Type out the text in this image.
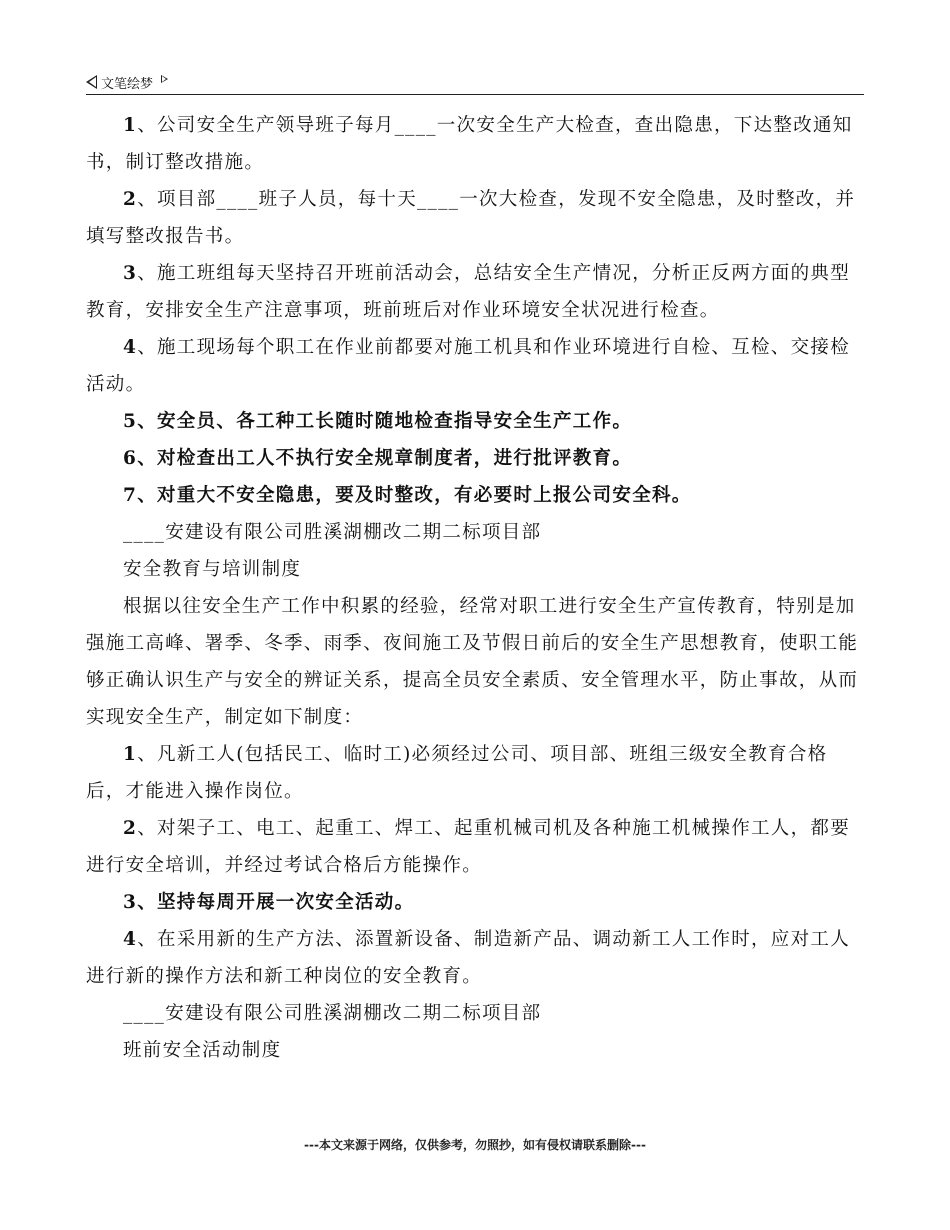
文笔绘梦

1、公司安全生产领导班子每月____一次安全生产大检查，查出隐患，下达整改通知书，制订整改措施。

2、项目部____班子人员，每十天____一次大检查，发现不安全隐患，及时整改，并填写整改报告书。

3、施工班组每天坚持召开班前活动会，总结安全生产情况，分析正反两方面的典型教育，安排安全生产注意事项，班前班后对作业环境安全状况进行检查。

4、施工现场每个职工在作业前都要对施工机具和作业环境进行自检、互检、交接检活动。

5、安全员、各工种工长随时随地检查指导安全生产工作。

6、对检查出工人不执行安全规章制度者，进行批评教育。

7、对重大不安全隐患，要及时整改，有必要时上报公司安全科。

____安建设有限公司胜溪湖棚改二期二标项目部

安全教育与培训制度

根据以往安全生产工作中积累的经验，经常对职工进行安全生产宣传教育，特别是加强施工高峰、署季、冬季、雨季、夜间施工及节假日前后的安全生产思想教育，使职工能够正确认识生产与安全的辨证关系，提高全员安全素质、安全管理水平，防止事故，从而实现安全生产，制定如下制度：

1、凡新工人(包括民工、临时工)必须经过公司、项目部、班组三级安全教育合格后，才能进入操作岗位。

2、对架子工、电工、起重工、焊工、起重机械司机及各种施工机械操作工人，都要进行安全培训，并经过考试合格后方能操作。

3、坚持每周开展一次安全活动。

4、在采用新的生产方法、添置新设备、制造新产品、调动新工人工作时，应对工人进行新的操作方法和新工种岗位的安全教育。

____安建设有限公司胜溪湖棚改二期二标项目部

班前安全活动制度

---本文来源于网络，仅供参考，勿照抄，如有侵权请联系删除---
